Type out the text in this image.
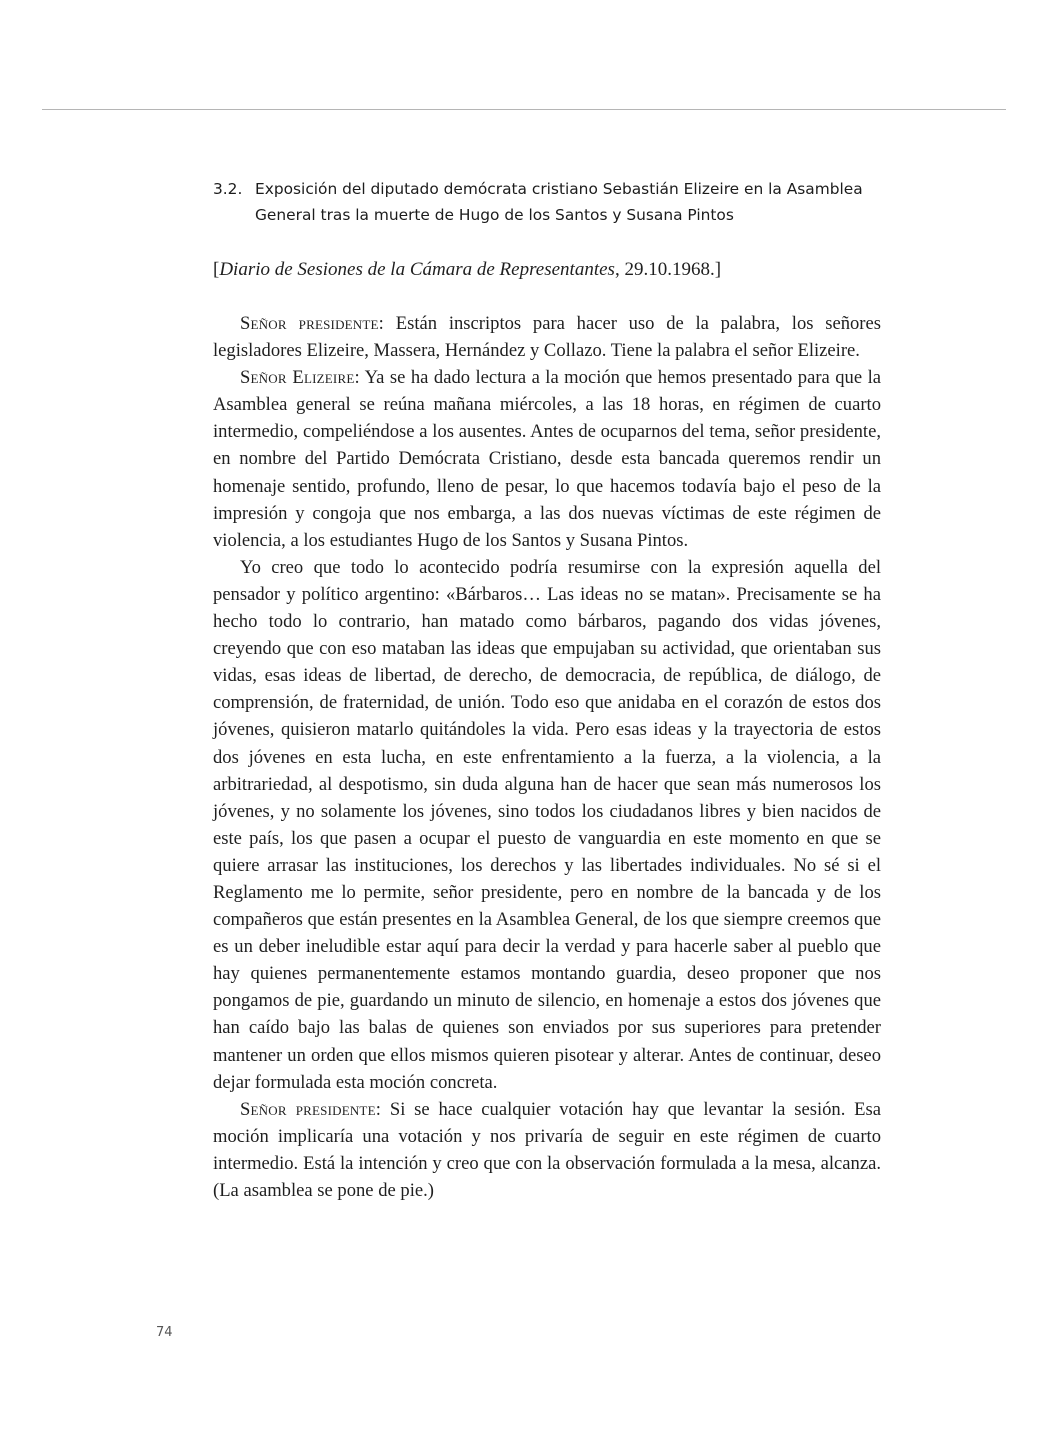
3.2. Exposición del diputado demócrata cristiano Sebastián Elizeire en la Asamblea General tras la muerte de Hugo de los Santos y Susana Pintos
[Diario de Sesiones de la Cámara de Representantes, 29.10.1968.]

Señor presidente: Están inscriptos para hacer uso de la palabra, los señores legisladores Elizeire, Massera, Hernández y Collazo. Tiene la palabra el señor Elizeire.

Señor Elizeire: Ya se ha dado lectura a la moción que hemos presentado para que la Asamblea general se reúna mañana miércoles, a las 18 horas, en régimen de cuarto intermedio, compeliéndose a los ausentes. Antes de ocuparnos del tema, señor presidente, en nombre del Partido Demócrata Cristiano, desde esta bancada queremos rendir un homenaje sentido, profundo, lleno de pesar, lo que hacemos todavía bajo el peso de la impresión y congoja que nos embarga, a las dos nuevas víctimas de este régimen de violencia, a los estudiantes Hugo de los Santos y Susana Pintos.

Yo creo que todo lo acontecido podría resumirse con la expresión aquella del pensador y político argentino: «Bárbaros… Las ideas no se matan». Precisamente se ha hecho todo lo contrario, han matado como bárbaros, pagando dos vidas jóvenes, creyendo que con eso mataban las ideas que empujaban su actividad, que orientaban sus vidas, esas ideas de libertad, de derecho, de democracia, de república, de diálogo, de comprensión, de fraternidad, de unión. Todo eso que anidaba en el corazón de estos dos jóvenes, quisieron matarlo quitándoles la vida. Pero esas ideas y la trayectoria de estos dos jóvenes en esta lucha, en este enfrentamiento a la fuerza, a la violencia, a la arbitrariedad, al despotismo, sin duda alguna han de hacer que sean más numerosos los jóvenes, y no solamente los jóvenes, sino todos los ciudadanos libres y bien nacidos de este país, los que pasen a ocupar el puesto de vanguardia en este momento en que se quiere arrasar las instituciones, los derechos y las libertades individuales. No sé si el Reglamento me lo permite, señor presidente, pero en nombre de la bancada y de los compañeros que están presentes en la Asamblea General, de los que siempre creemos que es un deber ineludible estar aquí para decir la verdad y para hacerle saber al pueblo que hay quienes permanentemente estamos montando guardia, deseo proponer que nos pongamos de pie, guardando un minuto de silencio, en homenaje a estos dos jóvenes que han caído bajo las balas de quienes son enviados por sus superiores para pretender mantener un orden que ellos mismos quieren pisotear y alterar. Antes de continuar, deseo dejar formulada esta moción concreta.

Señor presidente: Si se hace cualquier votación hay que levantar la sesión. Esa moción implicaría una votación y nos privaría de seguir en este régimen de cuarto intermedio. Está la intención y creo que con la observación formulada a la mesa, alcanza. (La asamblea se pone de pie.)

74
